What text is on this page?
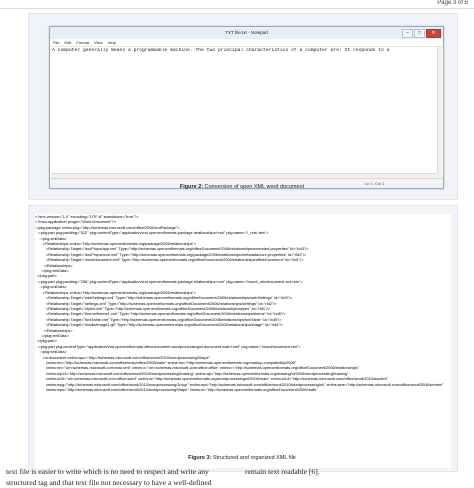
Page 3 of 5
TXT file.txt - Notepad	–	□	✕
File Edit Format View Help
A computer generally means a programmable machine. The two principal characteristics of a computer are: It responds to a
Ln 1, Col 1
Figure 2: Conversion of open XML word document
<?xml version="1.0" encoding="UTF-8" standalone="true"?>
<?mso-application progid="Word.Document"?>
- <pkg:package xmlns:pkg="http://schemas.microsoft.com/office/2006/xmlPackage">
- <pkg:part pkg:padding="512" pkg:contentType="application/vnd.openxmlformats-package.relationships+xml" pkg:name="/_rels/.rels">
- <pkg:xmlData>
- <Relationships xmlns="http://schemas.openxmlformats.org/package/2006/relationships">
<Relationship Target="docProps/app.xml" Type="http://schemas.openxmlformats.org/officeDocument/2006/relationships/extended-properties" Id="rId3"/>
<Relationship Target="docProps/core.xml" Type="http://schemas.openxmlformats.org/package/2006/relationships/metadata/core-properties" Id="rId2"/>
<Relationship Target="word/document.xml" Type="http://schemas.openxmlformats.org/officeDocument/2006/relationships/officeDocument" Id="rId1"/>
</Relationships>
</pkg:xmlData>
</pkg:part>
- <pkg:part pkg:padding="256" pkg:contentType="application/vnd.openxmlformats-package.relationships+xml" pkg:name="/word/_rels/document.xml.rels">
- <pkg:xmlData>
- <Relationships xmlns="http://schemas.openxmlformats.org/package/2006/relationships">
<Relationship Target="webSettings.xml" Type="http://schemas.openxmlformats.org/officeDocument/2006/relationships/webSettings" Id="rId3"/>
<Relationship Target="settings.xml" Type="http://schemas.openxmlformats.org/officeDocument/2006/relationships/settings" Id="rId2"/>
<Relationship Target="styles.xml" Type="http://schemas.openxmlformats.org/officeDocument/2006/relationships/styles" Id="rId1"/>
<Relationship Target="theme/theme1.xml" Type="http://schemas.openxmlformats.org/officeDocument/2006/relationships/theme" Id="rId6"/>
<Relationship Target="fontTable.xml" Type="http://schemas.openxmlformats.org/officeDocument/2006/relationships/fontTable" Id="rId5"/>
<Relationship Target="media/image1.gif" Type="http://schemas.openxmlformats.org/officeDocument/2006/relationships/image" Id="rId4"/>
</Relationships>
</pkg:xmlData>
</pkg:part>
- <pkg:part pkg:contentType="application/vnd.openxmlformats-officedocument.wordprocessingml.document.main+xml" pkg:name="/word/document.xml">
- <pkg:xmlData>
- <w:document xmlns:wpc="http://schemas.microsoft.com/office/word/2010/wordprocessingShape"
xmlns:mo="http://schemas.microsoft.com/office/mac/office/2008/main" xmlns:mc="http://schemas.openxmlformats.org/markup-compatibility/2006"
xmlns:mv="urn:schemas-microsoft-com:mac:vml" xmlns:o="urn:schemas-microsoft-com:office:office" xmlns:r="http://schemas.openxmlformats.org/officeDocument/2006/relationships"
xmlns:wp14="http://schemas.microsoft.com/office/word/2010/wordprocessingDrawing" xmlns:wp="http://schemas.openxmlformats.org/drawingml/2006/wordprocessingDrawing"
xmlns:w10="urn:schemas-microsoft-com:office:word" xmlns:w="http://schemas.openxmlformats.org/wordprocessingml/2006/main" xmlns:w14="http://schemas.microsoft.com/office/word/2010/wordml"
xmlns:wpg="http://schemas.microsoft.com/office/word/2010/wordprocessingGroup" xmlns:wpi="http://schemas.microsoft.com/office/word/2010/wordprocessingInk" xmlns:wne="http://schemas.microsoft.com/office/word/2006/wordml"
xmlns:wps="http://schemas.microsoft.com/office/word/2010/wordprocessingShape" xmlns:m="http://schemas.openxmlformats.org/officeDocument/2006/math"
Figure 3: Structured and organized XML file
text file is easier to write which is no need to respect and write any structured tag and that text file not necessary to have a well-defined
remain text readable [6].
